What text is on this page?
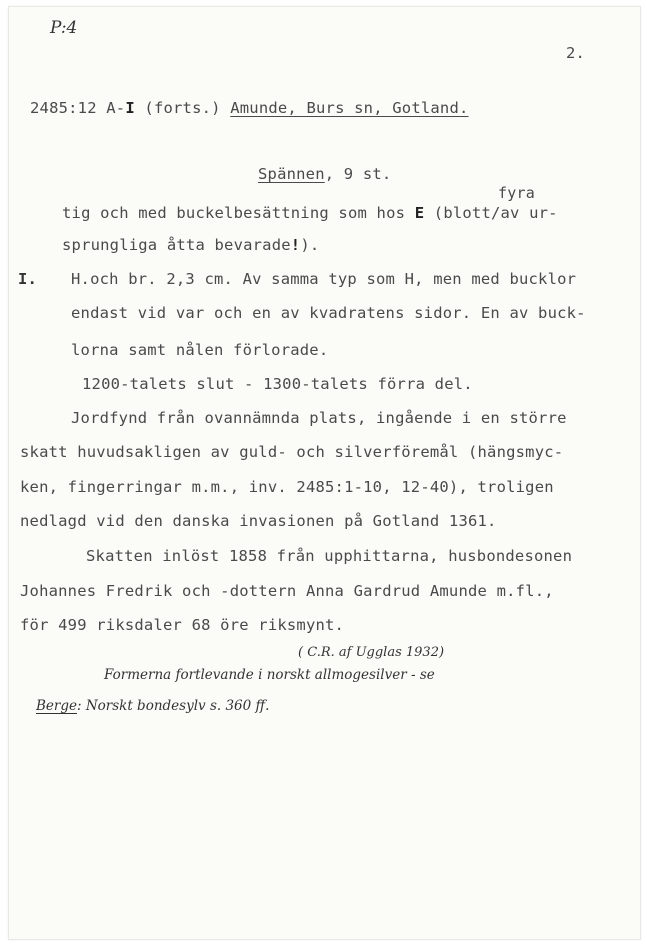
P:4
2.
2485:12 A-I (forts.) Amunde, Burs sn, Gotland.
Spännen, 9 st.
fyra
tig och med buckelbesättning som hos E (blott/av ur-
sprungliga åtta bevarade!).
I. H.och br. 2,3 cm. Av samma typ som H, men med bucklor
endast vid var och en av kvadratens sidor. En av buck-
lorna samt nålen förlorade.
1200-talets slut - 1300-talets förra del.
Jordfynd från ovannämnda plats, ingående i en större
skatt huvudsakligen av guld- och silverföremål (hängsmyc-
ken, fingerringar m.m., inv. 2485:1-10, 12-40), troligen
nedlagd vid den danska invasionen på Gotland 1361.
Skatten inlöst 1858 från upphittarna, husbondesonen
Johannes Fredrik och -dottern Anna Gardrud Amunde m.fl.,
för 499 riksdaler 68 öre riksmynt.
( C.R. af Ugglas 1932)
Formerna fortlevande i norskt allmogesilver - se
Berge: Norskt bondesylv s. 360 ff.
